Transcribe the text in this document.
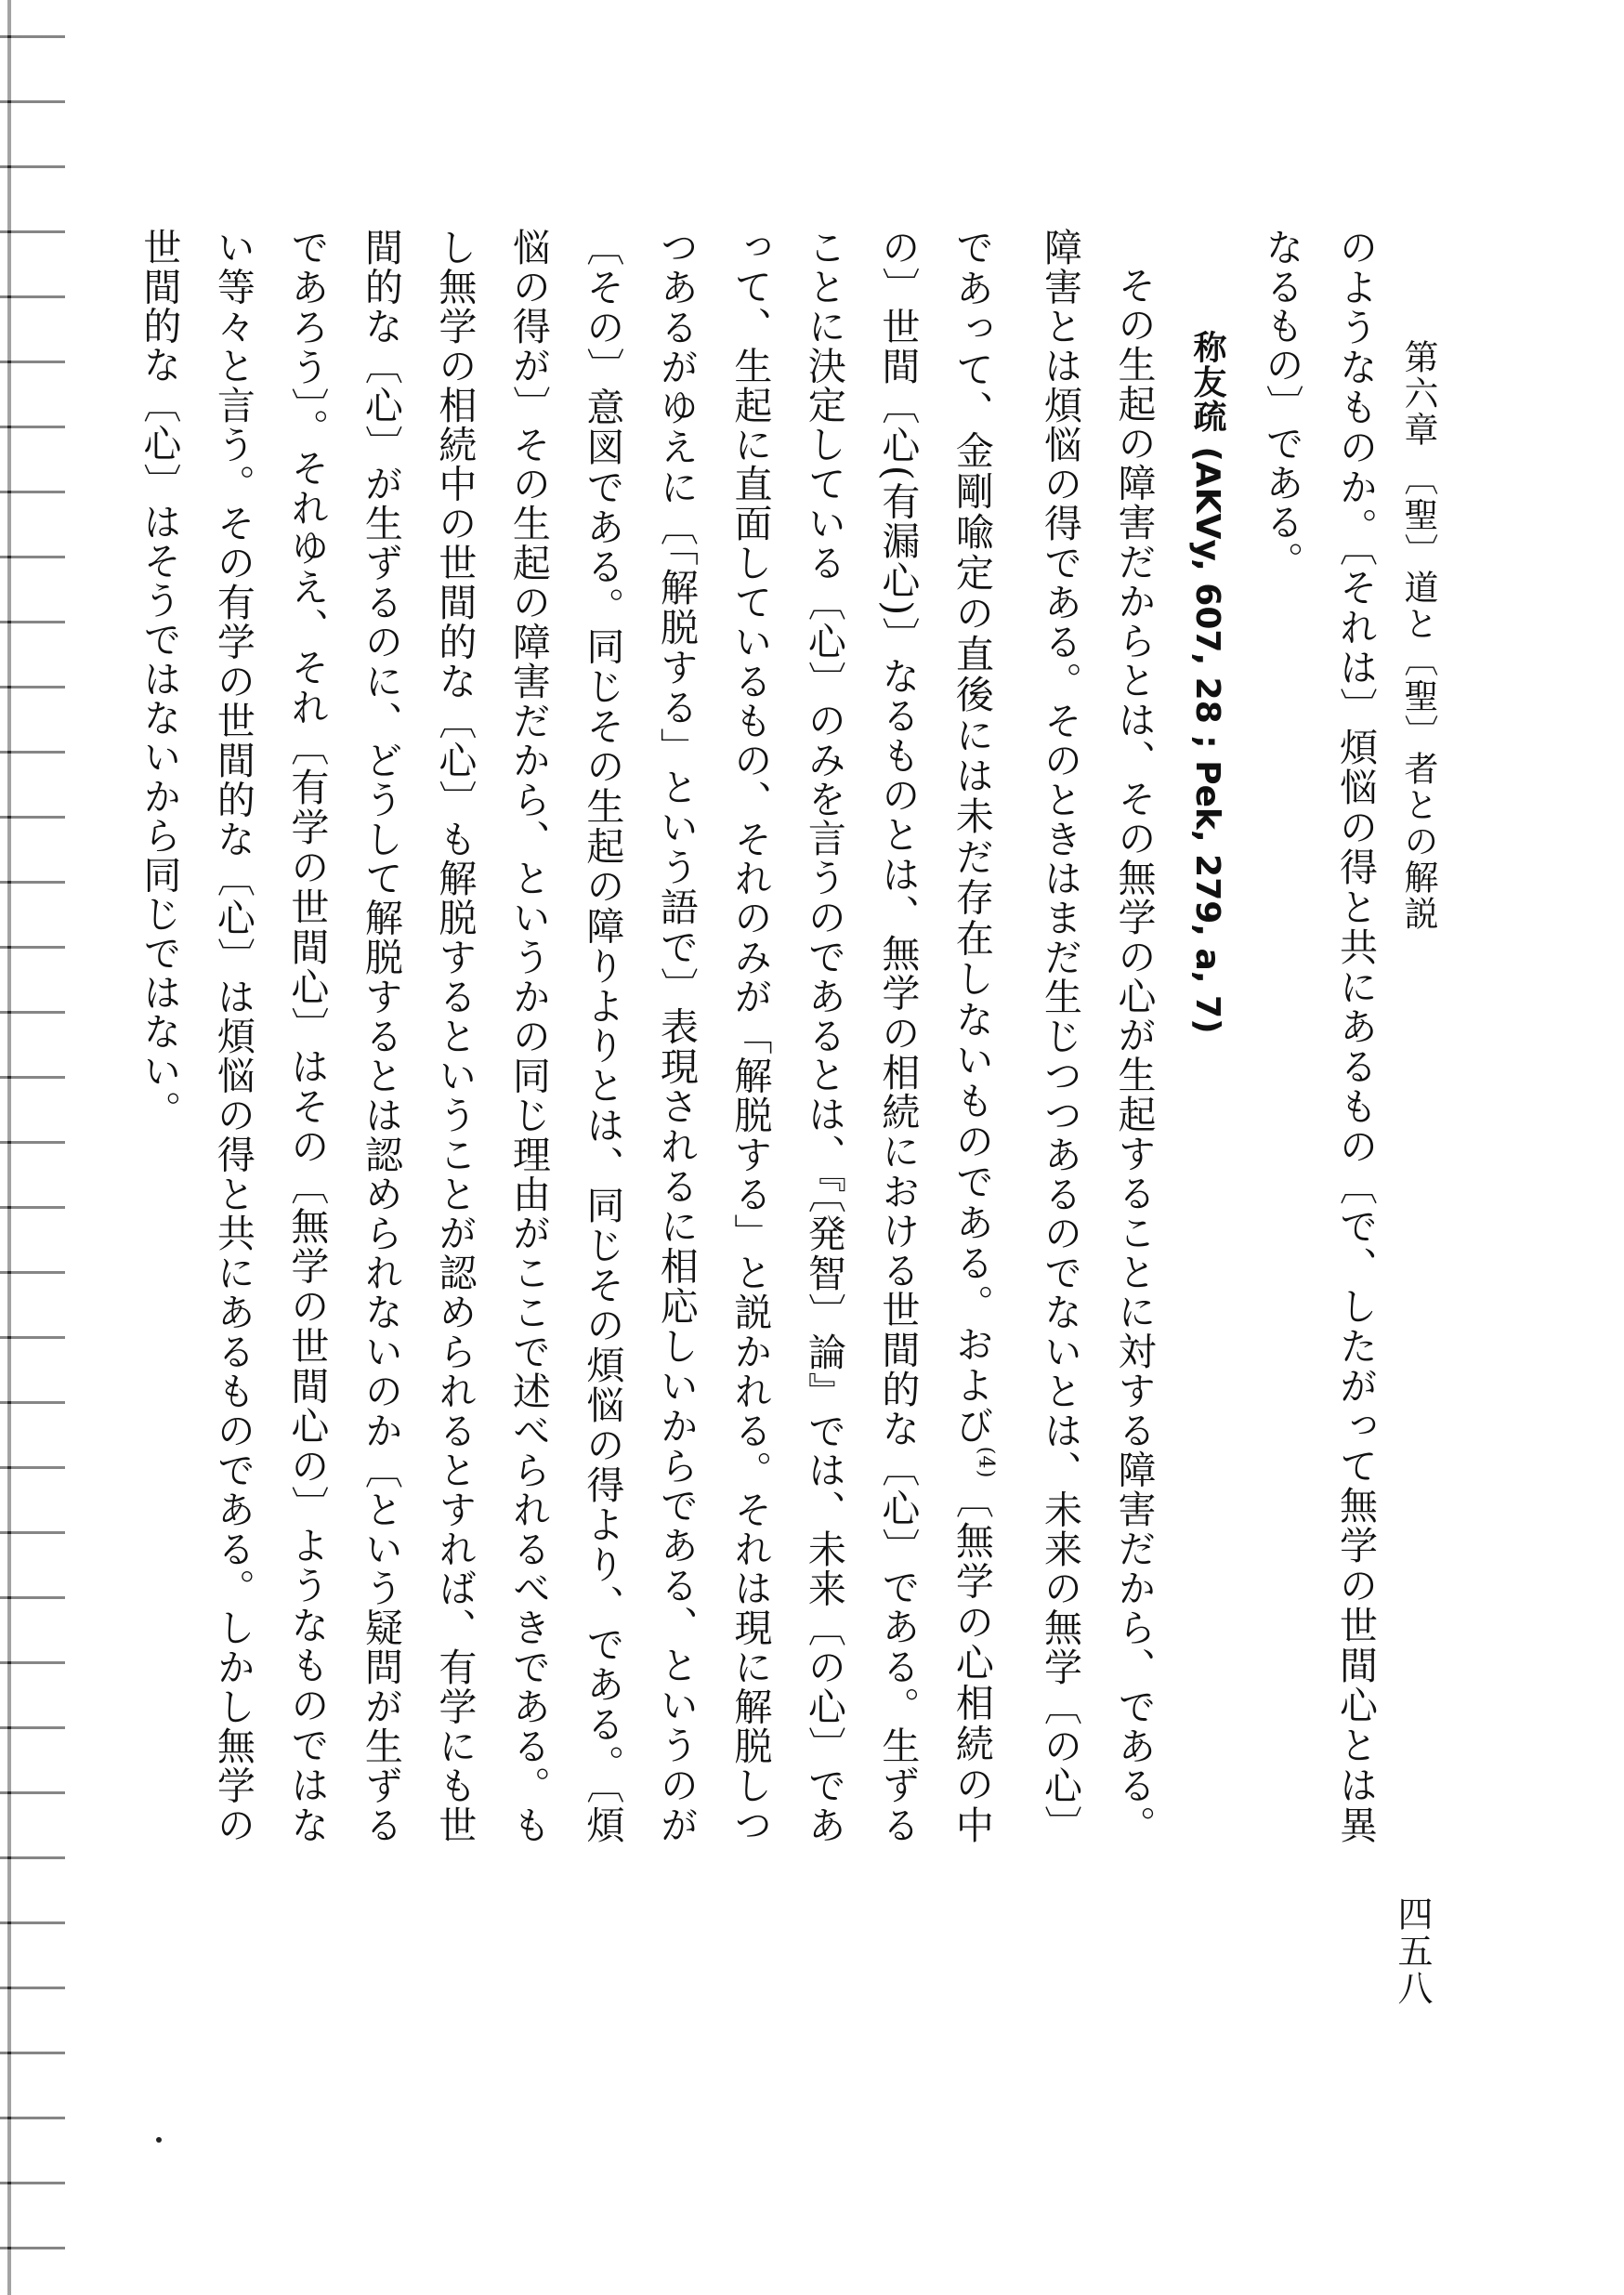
第六章 〔聖〕道と〔聖〕者との解説
四五八

のようなものか。〔それは〕煩悩の得と共にあるもの〔で、したがって無学の世間心とは異なるもの〕である。

称友疏 (AKVy, 607, 28 ; Pek, 279, a, 7)

その生起の障害だからとは、その無学の心が生起することに対する障害だから、である。障害とは煩悩の得である。そのときはまだ生じつつあるのでないとは、未来の無学〔の心〕であって、金剛喩定の直後には未だ存在しないものである。および$^{(4)}$〔無学の心相続の中の〕世間〔心(有漏心)〕なるものとは、無学の相続における世間的な〔心〕である。生ずることに決定している〔心〕のみを言うのであるとは、『〔発智〕論』では、未来〔の心〕であって、生起に直面しているもの、それのみが「解脱する」と説かれる。それは現に解脱しつつあるがゆえに〔「解脱する」という語で〕表現されるに相応しいからである、というのが〔その〕意図である。同じその生起の障りよりとは、同じその煩悩の得より、である。〔煩悩の得が〕その生起の障害だから、というかの同じ理由がここで述べられるべきである。もし無学の相続中の世間的な〔心〕も解脱するということが認められるとすれば、有学にも世間的な〔心〕が生ずるのに、どうして解脱するとは認められないのか〔という疑問が生ずるであろう〕。それゆえ、それ〔有学の世間心〕はその〔無学の世間心の〕ようなものではない等々と言う。その有学の世間的な〔心〕は煩悩の得と共にあるものである。しかし無学の世間的な〔心〕はそうではないから同じではない。
